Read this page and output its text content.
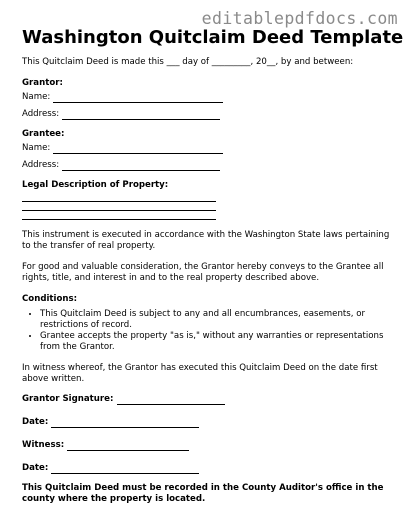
editablepdfdocs.com
Washington Quitclaim Deed Template

This Quitclaim Deed is made this ___ day of _________, 20__, by and between:

Grantor:

Name:
Address:

Grantee:

Name:
Address:

Legal Description of Property:

This instrument is executed in accordance with the Washington State laws pertaining to the transfer of real property.

For good and valuable consideration, the Grantor hereby conveys to the Grantee all rights, title, and interest in and to the real property described above.

Conditions:

• This Quitclaim Deed is subject to any and all encumbrances, easements, or restrictions of record.
• Grantee accepts the property "as is," without any warranties or representations from the Grantor.

In witness whereof, the Grantor has executed this Quitclaim Deed on the date first above written.

Grantor Signature:
Date:
Witness:
Date:

This Quitclaim Deed must be recorded in the County Auditor's office in the county where the property is located.
